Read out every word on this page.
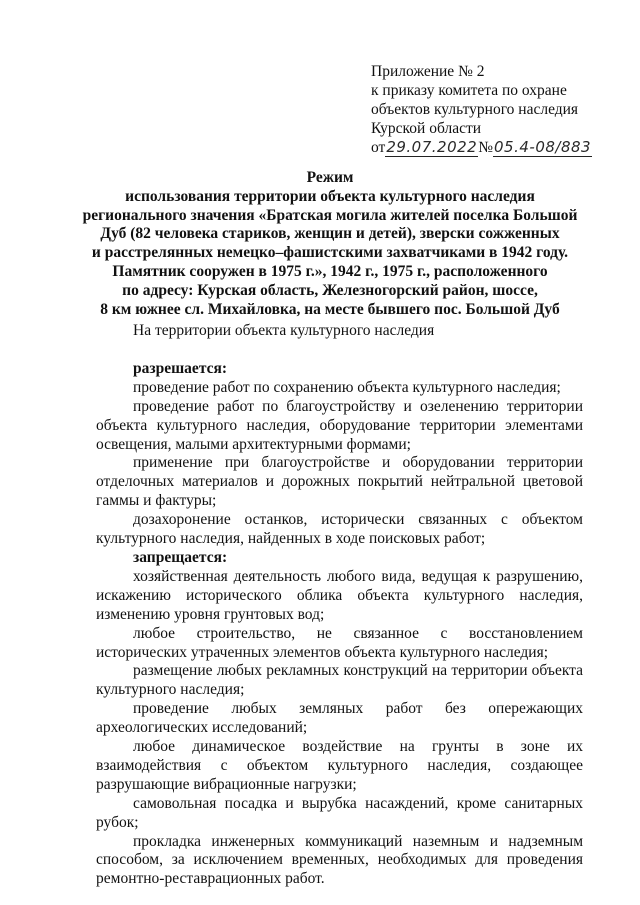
Приложение № 2
к приказу комитета по охране
объектов культурного наследия
Курской области
от29.07.2022№05.4-08/883
Режим
использования территории объекта культурного наследия
регионального значения «Братская могила жителей поселка Большой
Дуб (82 человека стариков, женщин и детей), зверски сожженных
и расстрелянных немецко–фашистскими захватчиками в 1942 году.
Памятник сооружен в 1975 г.», 1942 г., 1975 г., расположенного
по адресу: Курская область, Железногорский район, шоссе,
8 км южнее сл. Михайловка, на месте бывшего пос. Большой Дуб
На территории объекта культурного наследия
разрешается:
проведение работ по сохранению объекта культурного наследия;
проведение работ по благоустройству и озеленению территории объекта культурного наследия, оборудование территории элементами освещения, малыми архитектурными формами;
применение при благоустройстве и оборудовании территории отделочных материалов и дорожных покрытий нейтральной цветовой гаммы и фактуры;
дозахоронение останков, исторически связанных с объектом культурного наследия, найденных в ходе поисковых работ;
запрещается:
хозяйственная деятельность любого вида, ведущая к разрушению, искажению исторического облика объекта культурного наследия, изменению уровня грунтовых вод;
любое строительство, не связанное с восстановлением исторических утраченных элементов объекта культурного наследия;
размещение любых рекламных конструкций на территории объекта культурного наследия;
проведение любых земляных работ без опережающих археологических исследований;
любое динамическое воздействие на грунты в зоне их взаимодействия с объектом культурного наследия, создающее разрушающие вибрационные нагрузки;
самовольная посадка и вырубка насаждений, кроме санитарных рубок;
прокладка инженерных коммуникаций наземным и надземным способом, за исключением временных, необходимых для проведения ремонтно-реставрационных работ.
